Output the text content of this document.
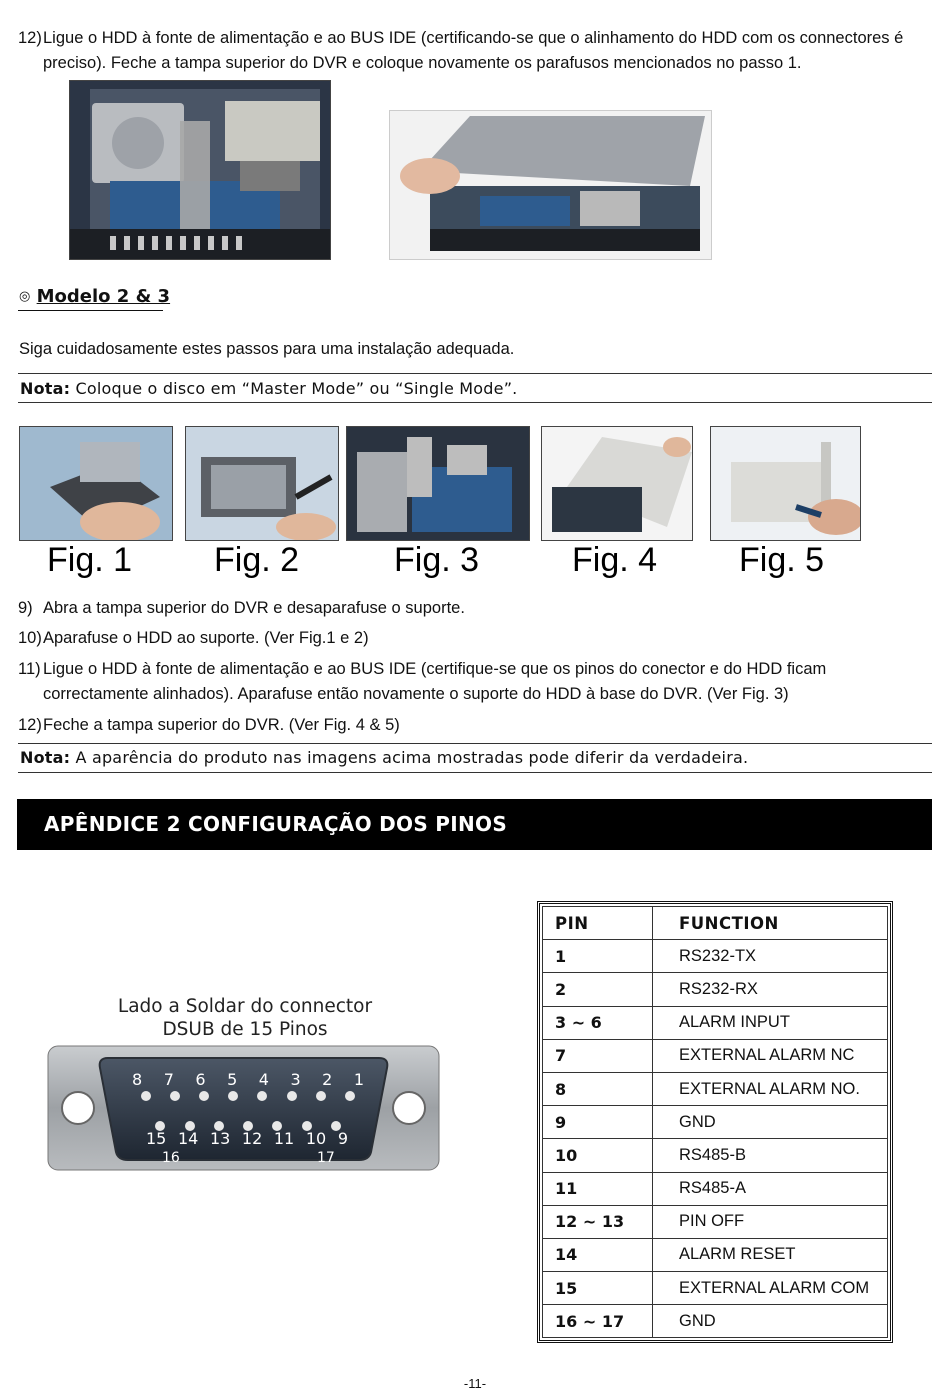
12) Ligue o HDD à fonte de alimentação e ao BUS IDE (certificando-se que o alinhamento do HDD com os connectores é
preciso). Feche a tampa superior do DVR e coloque novamente os parafusos mencionados no passo 1.
◎ Modelo 2 & 3
Siga cuidadosamente estes passos para uma instalação adequada.
Nota: Coloque o disco em “Master Mode” ou “Single Mode”.
Fig. 1 Fig. 2	Fig. 3	Fig. 4 Fig. 5
9) Abra a tampa superior do DVR e desaparafuse o suporte.
10) Aparafuse o HDD ao suporte. (Ver Fig.1 e 2)
11) Ligue o HDD à fonte de alimentação e ao BUS IDE (certifique-se que os pinos do conector e do HDD ficam
correctamente alinhados). Aparafuse então novamente o suporte do HDD à base do DVR. (Ver Fig. 3)
12) Feche a tampa superior do DVR. (Ver Fig. 4 & 5)
Nota: A aparência do produto nas imagens acima mostradas pode diferir da verdadeira.
APÊNDICE 2 CONFIGURAÇÃO DOS PINOS
Lado a Soldar do connector
DSUB de 15 Pinos
8 7 6 5 4 3 2 1
15 14 13 12 11 10 9
16	17
PIN	FUNCTION
1	RS232-TX
2	RS232-RX
3 ~ 6	ALARM INPUT
7	EXTERNAL ALARM NC
8	EXTERNAL ALARM NO.
9	GND
10	RS485-B
11	RS485-A
12 ~ 13	PIN OFF
14	ALARM RESET
15	EXTERNAL ALARM COM
16 ~ 17	GND
-11-
